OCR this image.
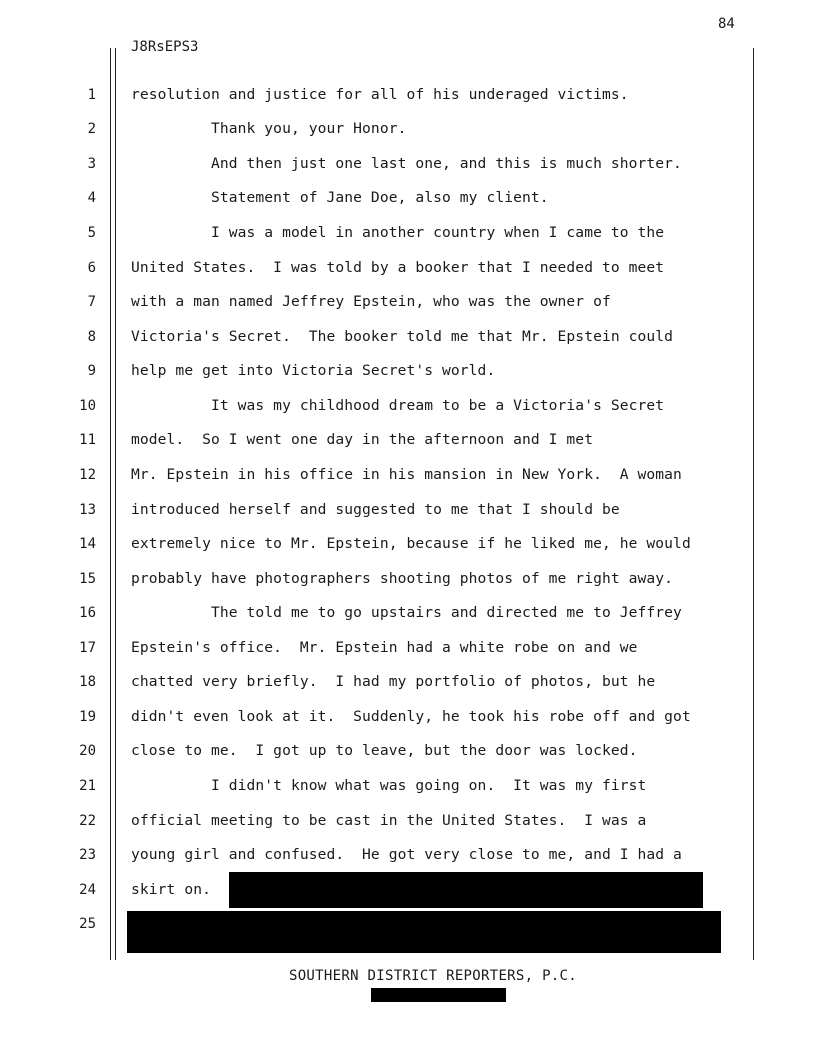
84
J8RsEPS3
1 resolution and justice for all of his underaged victims.
2 Thank you, your Honor.
3 And then just one last one, and this is much shorter.
4 Statement of Jane Doe, also my client.
5 I was a model in another country when I came to the
6 United States.  I was told by a booker that I needed to meet
7 with a man named Jeffrey Epstein, who was the owner of
8 Victoria's Secret.  The booker told me that Mr. Epstein could
9 help me get into Victoria Secret's world.
10 It was my childhood dream to be a Victoria's Secret
11 model.  So I went one day in the afternoon and I met
12 Mr. Epstein in his office in his mansion in New York.  A woman
13 introduced herself and suggested to me that I should be
14 extremely nice to Mr. Epstein, because if he liked me, he would
15 probably have photographers shooting photos of me right away.
16 The told me to go upstairs and directed me to Jeffrey
17 Epstein's office.  Mr. Epstein had a white robe on and we
18 chatted very briefly.  I had my portfolio of photos, but he
19 didn't even look at it.  Suddenly, he took his robe off and got
20 close to me.  I got up to leave, but the door was locked.
21 I didn't know what was going on.  It was my first
22 official meeting to be cast in the United States.  I was a
23 young girl and confused.  He got very close to me, and I had a
24 skirt on.
25
SOUTHERN DISTRICT REPORTERS, P.C.
